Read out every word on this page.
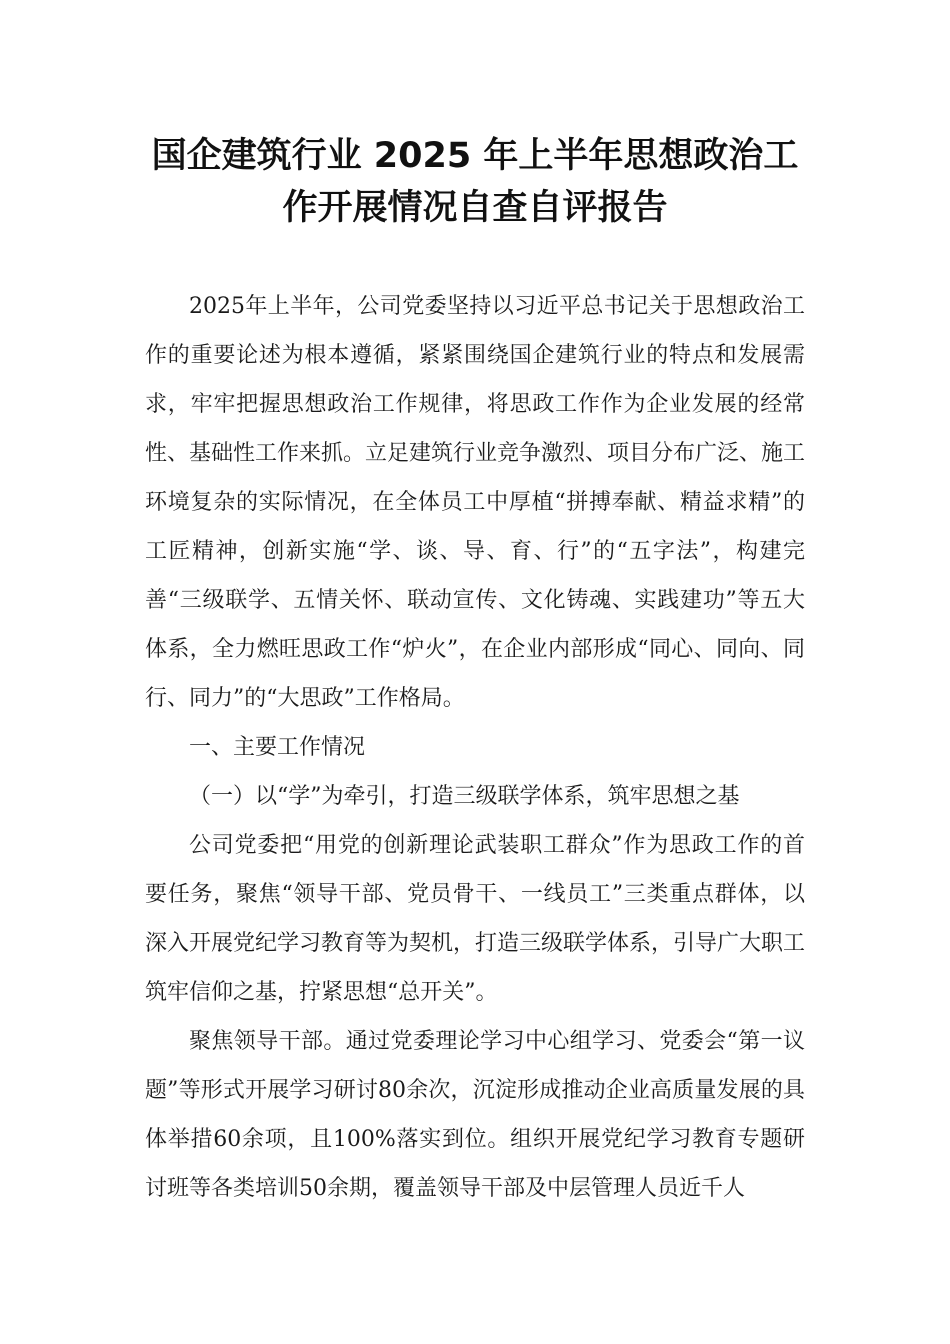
国企建筑行业 2025 年上半年思想政治工
作开展情况自查自评报告

2025年上半年，公司党委坚持以习近平总书记关于思想政治工作的重要论述为根本遵循，紧紧围绕国企建筑行业的特点和发展需求，牢牢把握思想政治工作规律，将思政工作作为企业发展的经常性、基础性工作来抓。立足建筑行业竞争激烈、项目分布广泛、施工环境复杂的实际情况，在全体员工中厚植“拼搏奉献、精益求精”的工匠精神，创新实施“学、谈、导、育、行”的“五字法”，构建完善“三级联学、五情关怀、联动宣传、文化铸魂、实践建功”等五大体系，全力燃旺思政工作“炉火”，在企业内部形成“同心、同向、同行、同力”的“大思政”工作格局。

一、主要工作情况

（一）以“学”为牵引，打造三级联学体系，筑牢思想之基

公司党委把“用党的创新理论武装职工群众”作为思政工作的首要任务，聚焦“领导干部、党员骨干、一线员工”三类重点群体，以深入开展党纪学习教育等为契机，打造三级联学体系，引导广大职工筑牢信仰之基，拧紧思想“总开关”。

聚焦领导干部。通过党委理论学习中心组学习、党委会“第一议题”等形式开展学习研讨80余次，沉淀形成推动企业高质量发展的具体举措60余项，且100%落实到位。组织开展党纪学习教育专题研讨班等各类培训50余期，覆盖领导干部及中层管理人员近千人
